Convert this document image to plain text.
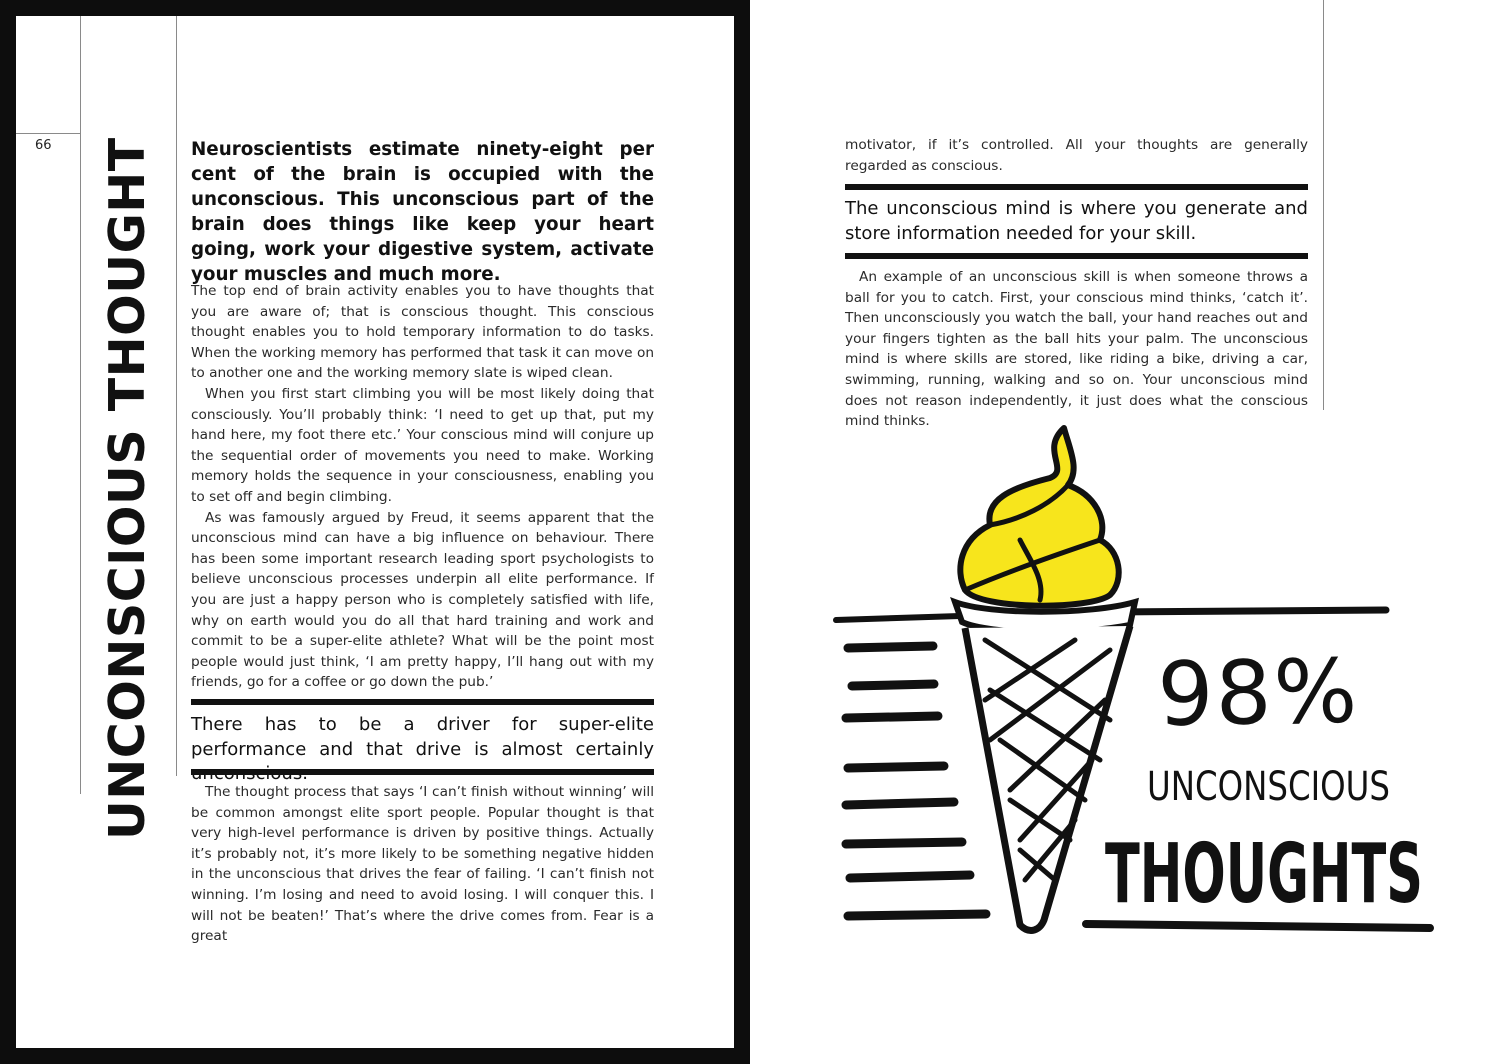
66 UNCONSCIOUS THOUGHT Neuroscientists estimate ninety-eight per cent of the brain is occupied with the unconscious. This unconscious part of the brain does things like keep your heart going, work your digestive system, activate your muscles and much more.

The top end of brain activity enables you to have thoughts that you are aware of; that is conscious thought. This conscious thought enables you to hold temporary information to do tasks. When the working memory has performed that task it can move on to another one and the working memory slate is wiped clean.

When you first start climbing you will be most likely doing that consciously. You’ll probably think: ‘I need to get up that, put my hand here, my foot there etc.’ Your conscious mind will conjure up the sequential order of movements you need to make. Working memory holds the sequence in your consciousness, enabling you to set off and begin climbing.

As was famously argued by Freud, it seems apparent that the unconscious mind can have a big influence on behaviour. There has been some important research leading sport psychologists to believe unconscious processes underpin all elite performance. If you are just a happy person who is completely satisfied with life, why on earth would you do all that hard training and work and commit to be a super-elite athlete? What will be the point most people would just think, ‘I am pretty happy, I’ll hang out with my friends, go for a coffee or go down the pub.’

There has to be a driver for super-elite performance and that drive is almost certainly

The thought process that says ‘I can’t finish without winning’ will be common amongst elite sport people. Popular thought is that very high-level performance is driven by positive things. Actually it’s probably not, it’s more likely to be something negative hidden in the unconscious that drives the fear of failing. ‘I can’t finish not winning. I’m losing and need to avoid losing. I will conquer this. I will not be beaten!’ That’s where the drive comes from. Fear is a great

motivator, if it’s controlled. All your thoughts are generally regarded as conscious.

The unconscious mind is where you generate and store information needed for your skill.

An example of an unconscious skill is when someone throws a ball for you to catch. First, your conscious mind thinks, ‘catch it’. Then unconsciously you watch the ball, your hand reaches out and your fingers tighten as the ball hits your palm. The unconscious mind is where skills are stored, like riding a bike, driving a car, swimming, running, walking and so on. Your unconscious mind does not reason independently, it just does what the conscious mind thinks.

98%
UNCONSCIOUS
THOUGHTS
